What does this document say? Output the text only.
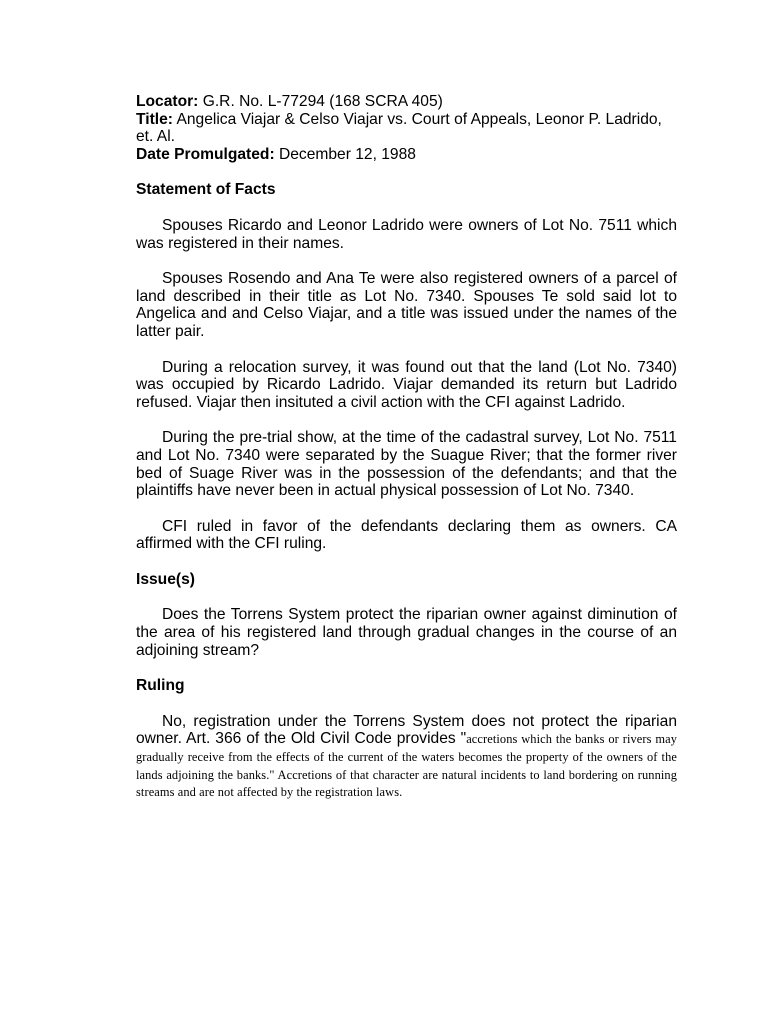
Locator: G.R. No. L-77294 (168 SCRA 405)

Title: Angelica Viajar & Celso Viajar vs. Court of Appeals, Leonor P. Ladrido, et. Al.

Date Promulgated: December 12, 1988

Statement of Facts

Spouses Ricardo and Leonor Ladrido were owners of Lot No. 7511 which was registered in their names.

Spouses Rosendo and Ana Te were also registered owners of a parcel of land described in their title as Lot No. 7340. Spouses Te sold said lot to Angelica and and Celso Viajar, and a title was issued under the names of the latter pair.

During a relocation survey, it was found out that the land (Lot No. 7340) was occupied by Ricardo Ladrido. Viajar demanded its return but Ladrido refused. Viajar then insituted a civil action with the CFI against Ladrido.

During the pre-trial show, at the time of the cadastral survey, Lot No. 7511 and Lot No. 7340 were separated by the Suague River; that the former river bed of Suage River was in the possession of the defendants; and that the plaintiffs have never been in actual physical possession of Lot No. 7340.

CFI ruled in favor of the defendants declaring them as owners. CA affirmed with the CFI ruling.

Issue(s)

Does the Torrens System protect the riparian owner against diminution of the area of his registered land through gradual changes in the course of an adjoining stream?

Ruling

No, registration under the Torrens System does not protect the riparian owner. Art. 366 of the Old Civil Code provides "accretions which the banks or rivers may gradually receive from the effects of the current of the waters becomes the property of the owners of the lands adjoining the banks." Accretions of that character are natural incidents to land bordering on running streams and are not affected by the registration laws.
